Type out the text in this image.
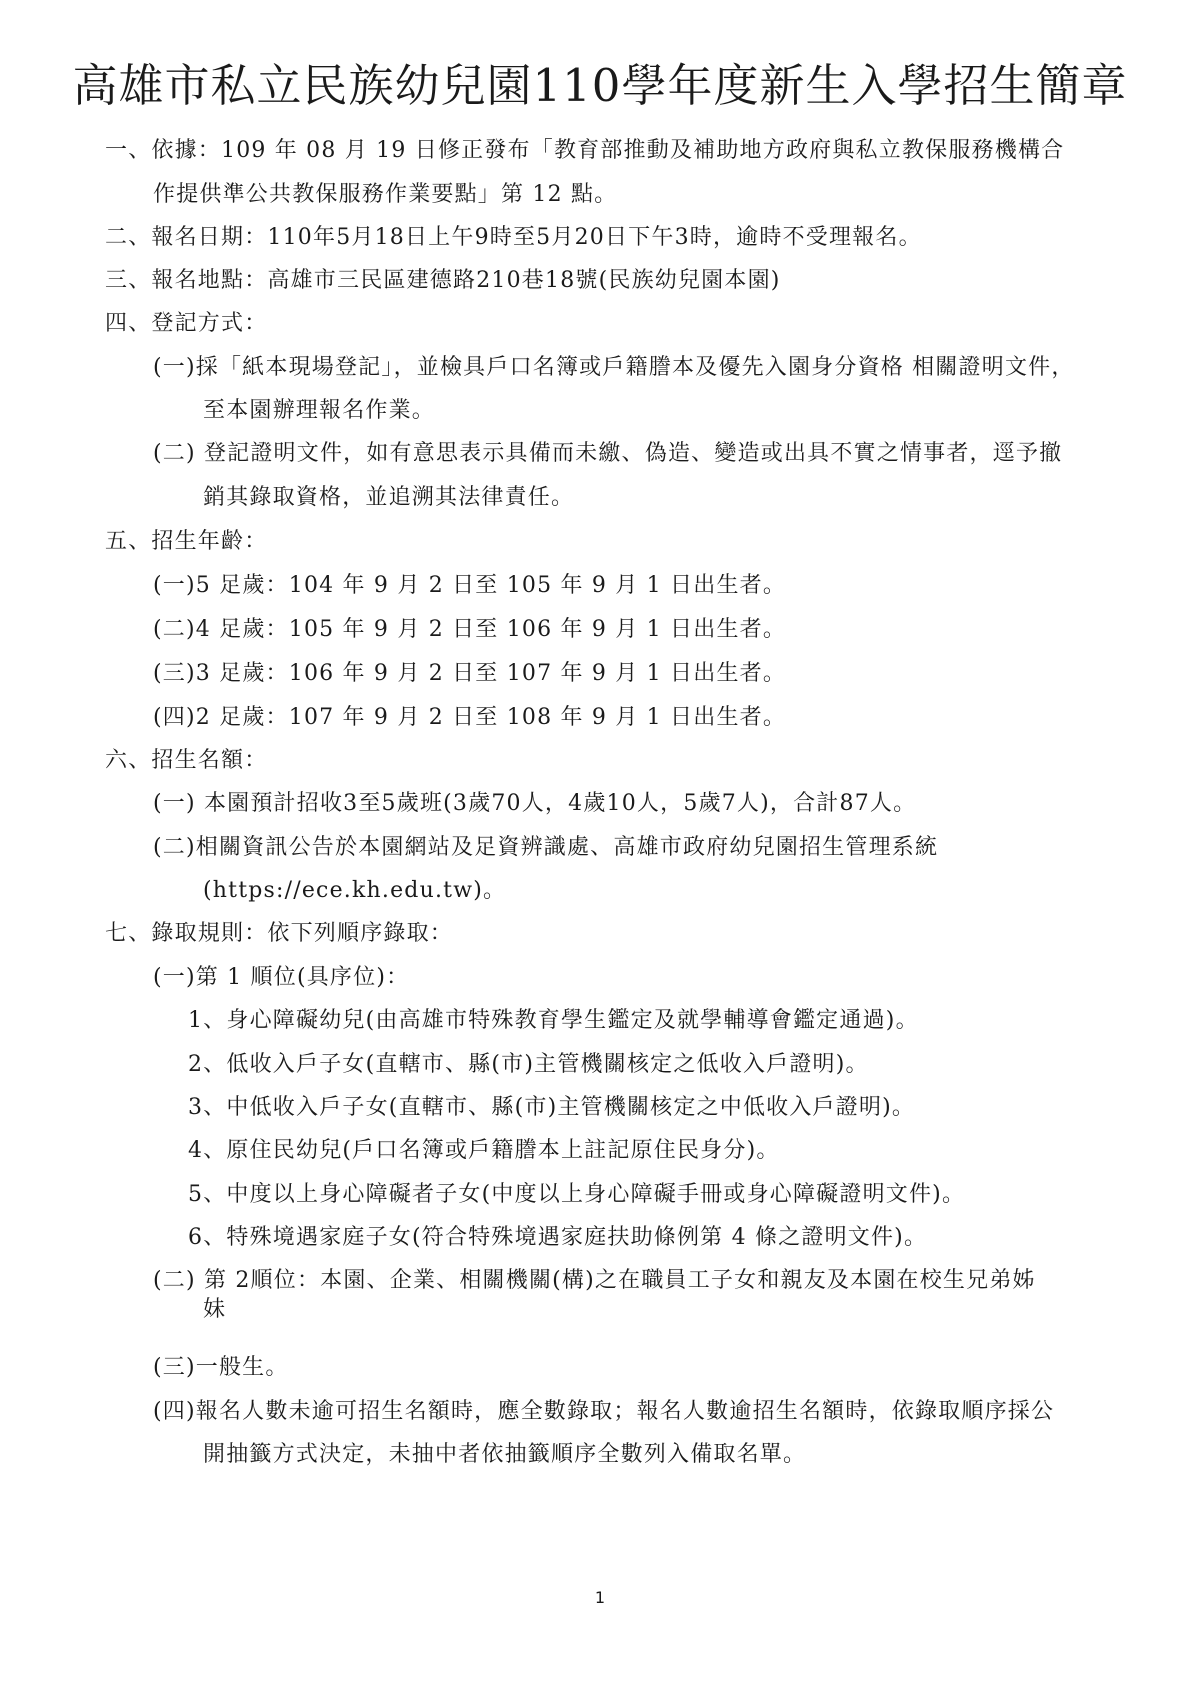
高雄市私立民族幼兒園110學年度新生入學招生簡章
一、依據：109 年 08 月 19 日修正發布「教育部推動及補助地方政府與私立教保服務機構合
作提供準公共教保服務作業要點」第 12 點。
二、報名日期：110年5月18日上午9時至5月20日下午3時，逾時不受理報名。
三、報名地點：高雄市三民區建德路210巷18號(民族幼兒園本園)
四、登記方式：
(一)採「紙本現場登記」，並檢具戶口名簿或戶籍謄本及優先入園身分資格 相關證明文件，
至本園辦理報名作業。
(二) 登記證明文件，如有意思表示具備而未繳、偽造、變造或出具不實之情事者，逕予撤
銷其錄取資格，並追溯其法律責任。
五、招生年齡：
(一)5 足歲：104 年 9 月 2 日至 105 年 9 月 1 日出生者。
(二)4 足歲：105 年 9 月 2 日至 106 年 9 月 1 日出生者。
(三)3 足歲：106 年 9 月 2 日至 107 年 9 月 1 日出生者。
(四)2 足歲：107 年 9 月 2 日至 108 年 9 月 1 日出生者。
六、招生名額：
(一) 本園預計招收3至5歲班(3歲70人，4歲10人，5歲7人)，合計87人。
(二)相關資訊公告於本園網站及足資辨識處、高雄市政府幼兒園招生管理系統
(https://ece.kh.edu.tw)。
七、錄取規則：依下列順序錄取：
(一)第 1 順位(具序位)：
1、身心障礙幼兒(由高雄市特殊教育學生鑑定及就學輔導會鑑定通過)。
2、低收入戶子女(直轄市、縣(市)主管機關核定之低收入戶證明)。
3、中低收入戶子女(直轄市、縣(市)主管機關核定之中低收入戶證明)。
4、原住民幼兒(戶口名簿或戶籍謄本上註記原住民身分)。
5、中度以上身心障礙者子女(中度以上身心障礙手冊或身心障礙證明文件)。
6、特殊境遇家庭子女(符合特殊境遇家庭扶助條例第 4 條之證明文件)。
(二) 第 2順位：本園、企業、相關機關(構)之在職員工子女和親友及本園在校生兄弟姊
妹
(三)一般生。
(四)報名人數未逾可招生名額時，應全數錄取；報名人數逾招生名額時，依錄取順序採公
開抽籤方式決定，未抽中者依抽籤順序全數列入備取名單。
1
